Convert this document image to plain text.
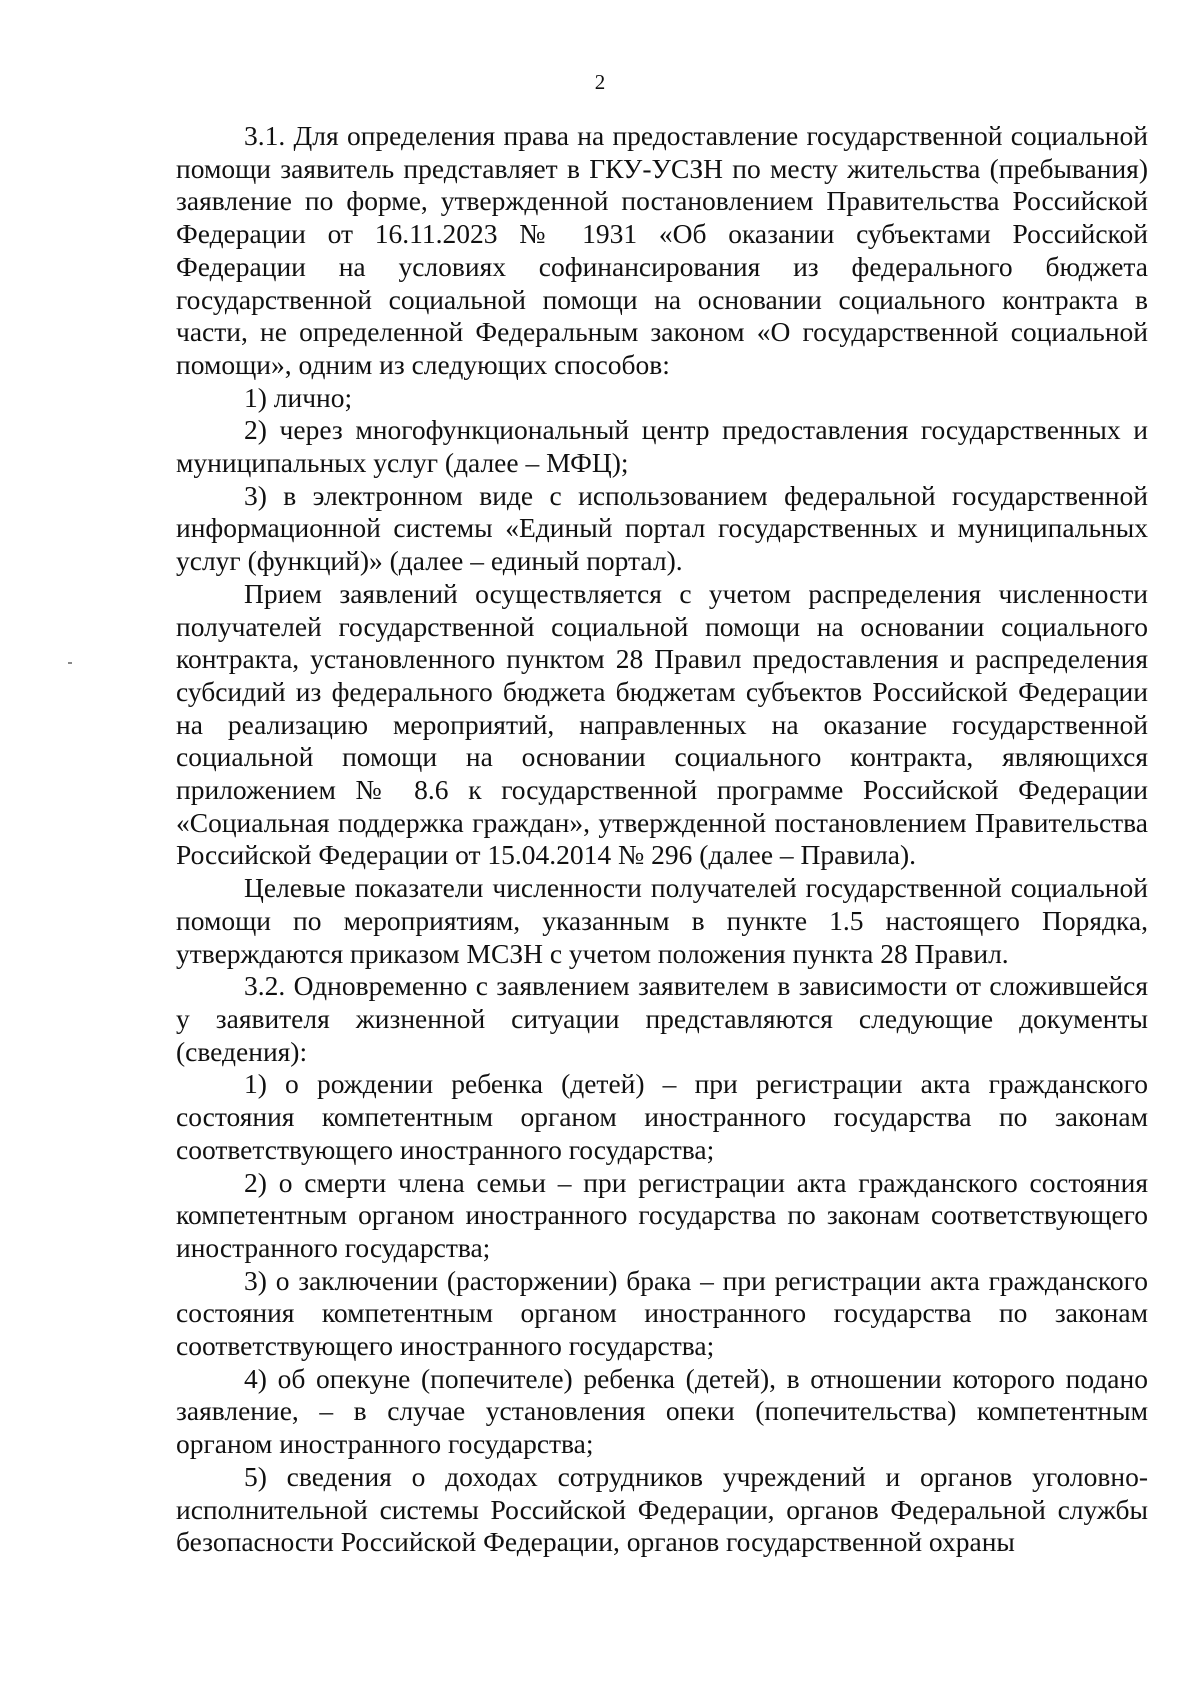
2

3.1. Для определения права на предоставление государственной социальной помощи заявитель представляет в ГКУ-УСЗН по месту жительства (пребывания) заявление по форме, утвержденной постановлением Правительства Российской Федерации от 16.11.2023 № 1931 «Об оказании субъектами Российской Федерации на условиях софинансирования из федерального бюджета государственной социальной помощи на основании социального контракта в части, не определенной Федеральным законом «О государственной социальной помощи», одним из следующих способов:

1) лично;

2) через многофункциональный центр предоставления государственных и муниципальных услуг (далее – МФЦ);

3) в электронном виде с использованием федеральной государственной информационной системы «Единый портал государственных и муниципальных услуг (функций)» (далее – единый портал).

Прием заявлений осуществляется с учетом распределения численности получателей государственной социальной помощи на основании социального контракта, установленного пунктом 28 Правил предоставления и распределения субсидий из федерального бюджета бюджетам субъектов Российской Федерации на реализацию мероприятий, направленных на оказание государственной социальной помощи на основании социального контракта, являющихся приложением № 8.6 к государственной программе Российской Федерации «Социальная поддержка граждан», утвержденной постановлением Правительства Российской Федерации от 15.04.2014 № 296 (далее – Правила).

Целевые показатели численности получателей государственной социальной помощи по мероприятиям, указанным в пункте 1.5 настоящего Порядка, утверждаются приказом МСЗН с учетом положения пункта 28 Правил.

3.2. Одновременно с заявлением заявителем в зависимости от сложившейся у заявителя жизненной ситуации представляются следующие документы (сведения):

1) о рождении ребенка (детей) – при регистрации акта гражданского состояния компетентным органом иностранного государства по законам соответствующего иностранного государства;

2) о смерти члена семьи – при регистрации акта гражданского состояния компетентным органом иностранного государства по законам соответствующего иностранного государства;

3) о заключении (расторжении) брака – при регистрации акта гражданского состояния компетентным органом иностранного государства по законам соответствующего иностранного государства;

4) об опекуне (попечителе) ребенка (детей), в отношении которого подано заявление, – в случае установления опеки (попечительства) компетентным органом иностранного государства;

5) сведения о доходах сотрудников учреждений и органов уголовно-исполнительной системы Российской Федерации, органов Федеральной службы безопасности Российской Федерации, органов государственной охраны
